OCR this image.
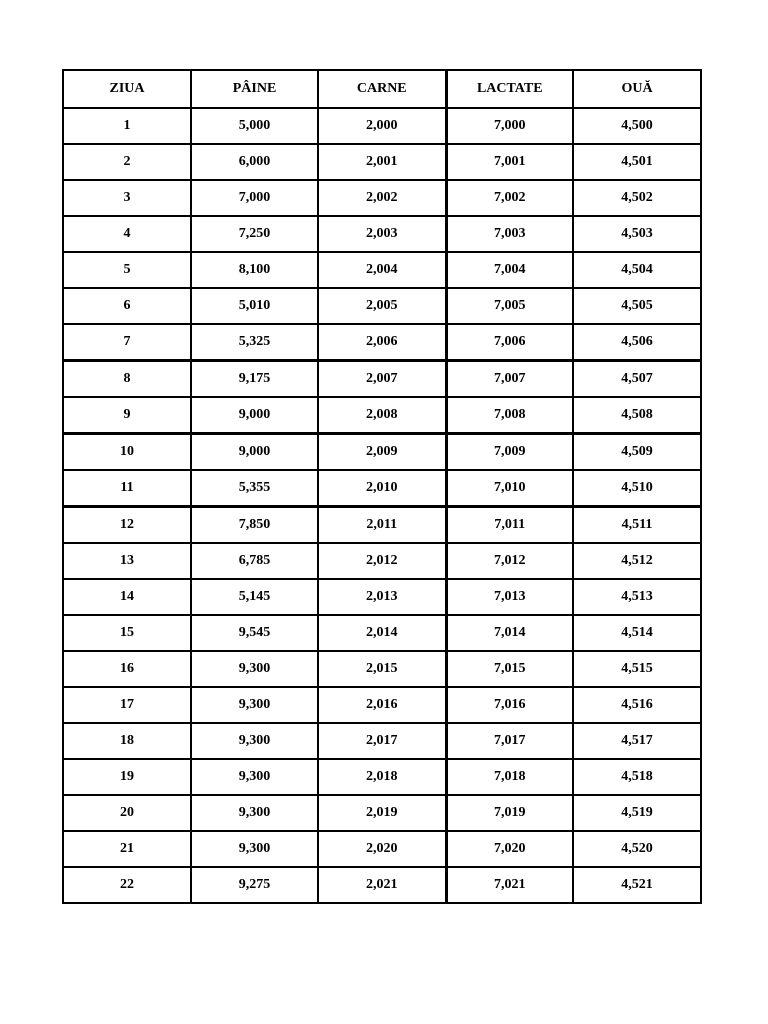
ZIUA	PÂINE	CARNE	LACTATE	OUĂ
1	5,000	2,000	7,000	4,500
2	6,000	2,001	7,001	4,501
3	7,000	2,002	7,002	4,502
4	7,250	2,003	7,003	4,503
5	8,100	2,004	7,004	4,504
6	5,010	2,005	7,005	4,505
7	5,325	2,006	7,006	4,506
8	9,175	2,007	7,007	4,507
9	9,000	2,008	7,008	4,508
10	9,000	2,009	7,009	4,509
11	5,355	2,010	7,010	4,510
12	7,850	2,011	7,011	4,511
13	6,785	2,012	7,012	4,512
14	5,145	2,013	7,013	4,513
15	9,545	2,014	7,014	4,514
16	9,300	2,015	7,015	4,515
17	9,300	2,016	7,016	4,516
18	9,300	2,017	7,017	4,517
19	9,300	2,018	7,018	4,518
20	9,300	2,019	7,019	4,519
21	9,300	2,020	7,020	4,520
22	9,275	2,021	7,021	4,521
